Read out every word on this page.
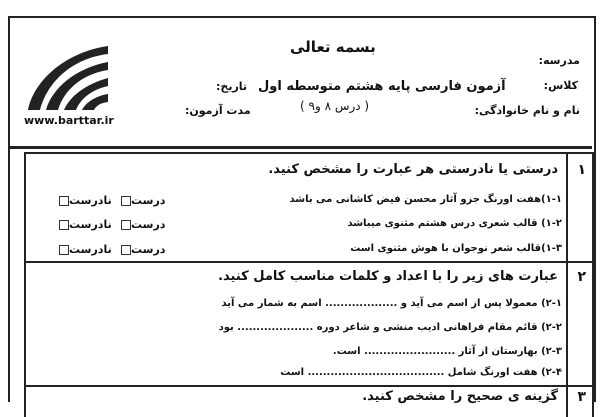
بسمه تعالی
مدرسه:
کلاس:
نام و نام خانوادگی:
آزمون فارسی پایه هشتم متوسطه اول
( درس ۸ و۹ )
تاریخ:
مدت آزمون:
www.barttar.ir
۱
درستی یا نادرستی هر عبارت را مشخص کنید.
۱-۱)هفت اورنگ جزو آثار محسن فیض کاشانی می باشد
۱-۲) قالب شعری درس هشتم مثنوی میباشد
۱-۳)قالب شعر نوجوان با هوش مثنوی است
درست
نادرست
درست
نادرست
درست
نادرست
۲
عبارت های زیر را با اعداد و کلمات مناسب کامل کنید.
۲-۱) معمولا پس از اسم می آید و ................... اسم به شمار می آید
۲-۲) قائم مقام فراهانی ادیب منشی و شاعر دوره .................... بود
۲-۳) بهارستان از آثار ........................ است.
۲-۴) هفت اورنگ شامل .................................... است
۳
گزینه ی صحیح را مشخص کنید.
